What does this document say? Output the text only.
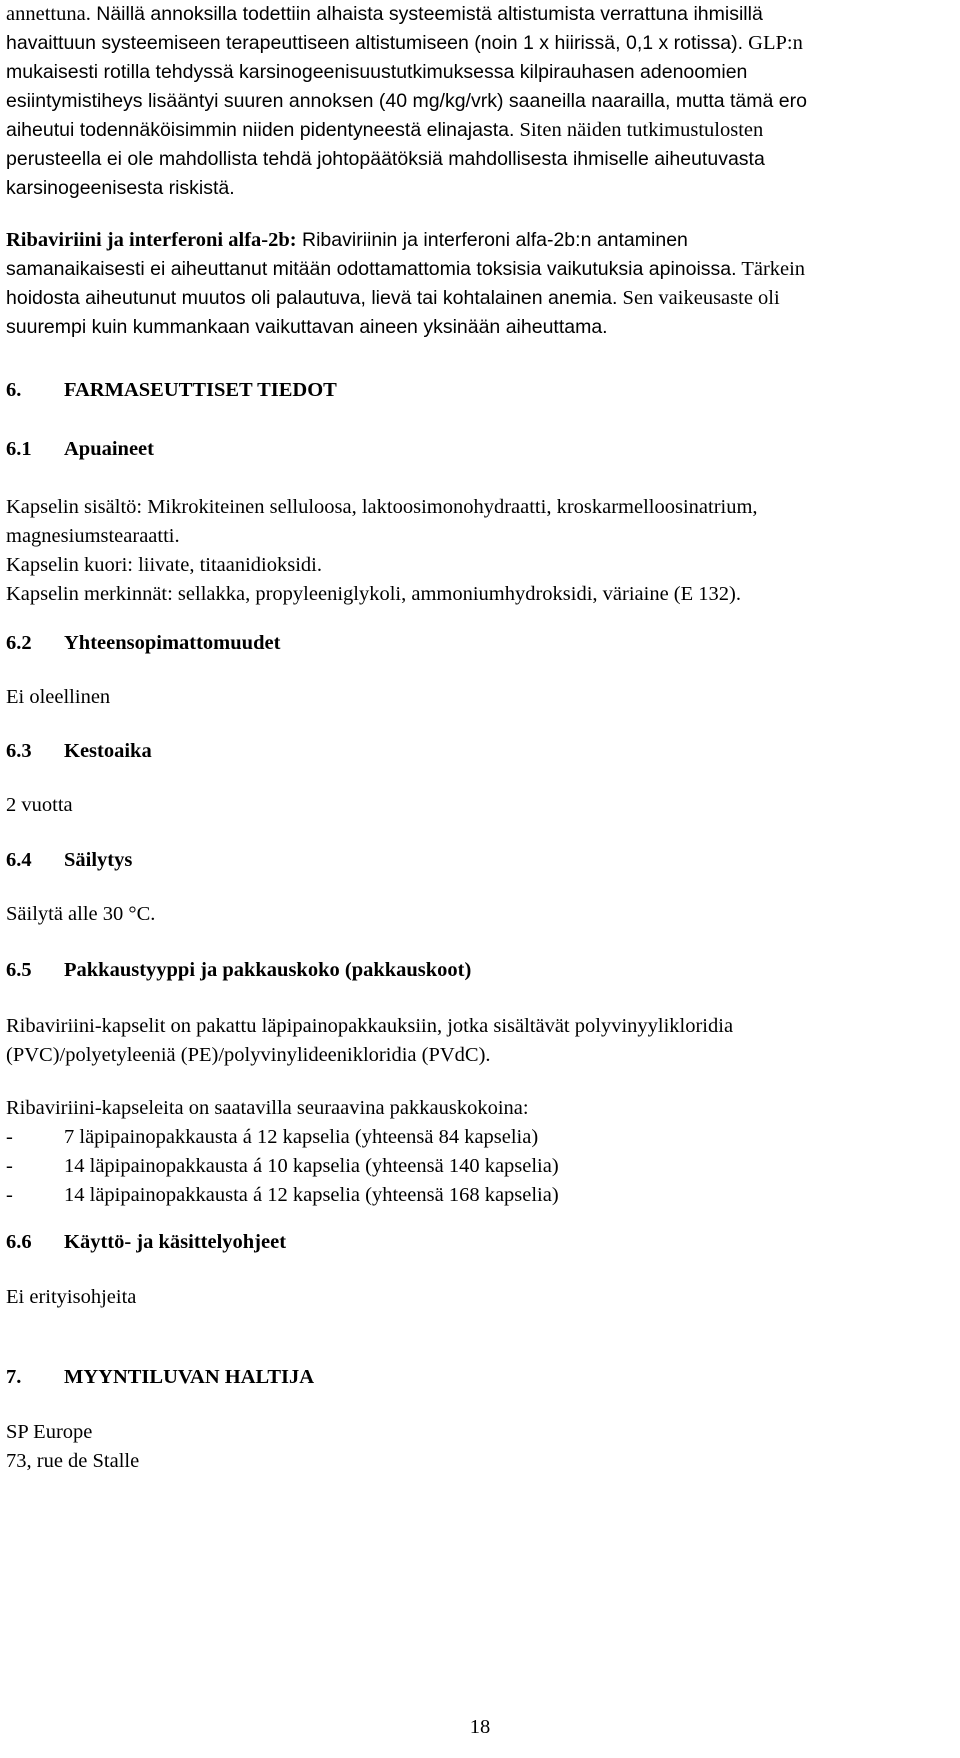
annettuna. Näillä annoksilla todettiin alhaista systeemistä altistumista verrattuna ihmisillä
havaittuun systeemiseen terapeuttiseen altistumiseen (noin 1 x hiirissä, 0,1 x rotissa). GLP:n
mukaisesti rotilla tehdyssä karsinogeenisuustutkimuksessa kilpirauhasen adenoomien
esiintymistiheys lisääntyi suuren annoksen (40 mg/kg/vrk) saaneilla naarailla, mutta tämä ero
aiheutui todennäköisimmin niiden pidentyneestä elinajasta. Siten näiden tutkimustulosten
perusteella ei ole mahdollista tehdä johtopäätöksiä mahdollisesta ihmiselle aiheutuvasta
karsinogeenisesta riskistä.
Ribaviriini ja interferoni alfa-2b: Ribaviriinin ja interferoni alfa-2b:n antaminen
samanaikaisesti ei aiheuttanut mitään odottamattomia toksisia vaikutuksia apinoissa. Tärkein
hoidosta aiheutunut muutos oli palautuva, lievä tai kohtalainen anemia. Sen vaikeusaste oli
suurempi kuin kummankaan vaikuttavan aineen yksinään aiheuttama.
6. FARMASEUTTISET TIEDOT
6.1 Apuaineet
Kapselin sisältö: Mikrokiteinen selluloosa, laktoosimonohydraatti, kroskarmelloosinatrium,
magnesiumstearaatti.
Kapselin kuori: liivate, titaanidioksidi.
Kapselin merkinnät: sellakka, propyleeniglykoli, ammoniumhydroksidi, väriaine (E 132).
6.2 Yhteensopimattomuudet
Ei oleellinen
6.3 Kestoaika
2 vuotta
6.4 Säilytys
Säilytä alle 30 °C.
6.5 Pakkaustyyppi ja pakkauskoko (pakkauskoot)
Ribaviriini-kapselit on pakattu läpipainopakkauksiin, jotka sisältävät polyvinyylikloridia
(PVC)/polyetyleeniä (PE)/polyvinylideenikloridia (PVdC).
Ribaviriini-kapseleita on saatavilla seuraavina pakkauskokoina:
- 7 läpipainopakkausta á 12 kapselia (yhteensä 84 kapselia)
- 14 läpipainopakkausta á 10 kapselia (yhteensä 140 kapselia)
- 14 läpipainopakkausta á 12 kapselia (yhteensä 168 kapselia)
6.6 Käyttö- ja käsittelyohjeet
Ei erityisohjeita
7. MYYNTILUVAN HALTIJA
SP Europe
73, rue de Stalle
18
